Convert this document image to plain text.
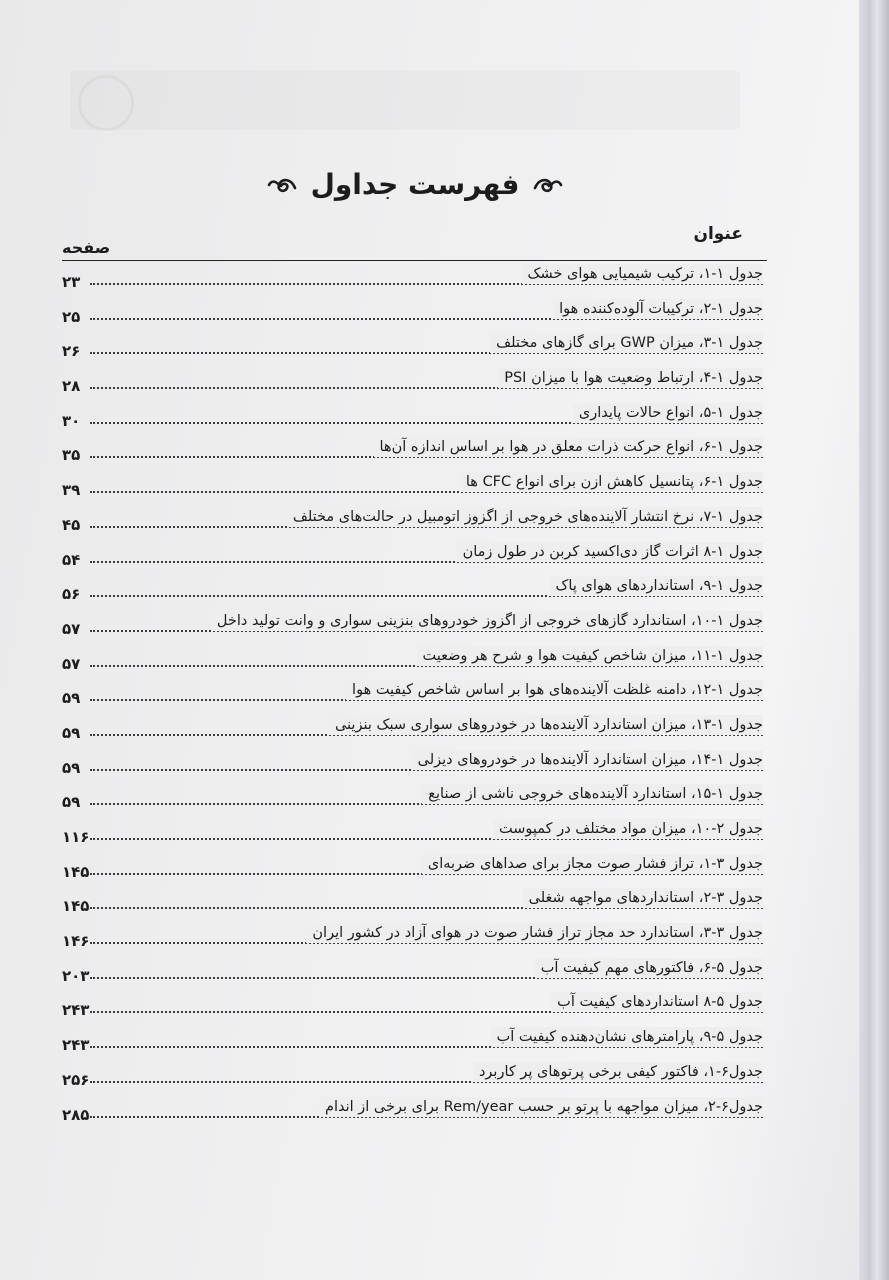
فهرست جداول
عنوان
صفحه
جدول ۱-۱، ترکیب شیمیایی هوای خشک
۲۳
جدول ۱-۲، ترکیبات آلوده‌کننده هوا
۲۵
جدول ۱-۳، میزان GWP برای گازهای مختلف
۲۶
جدول ۱-۴، ارتباط وضعیت هوا با میزان PSI
۲۸
جدول ۱-۵، انواع حالات پایداری
۳۰
جدول ۱-۶، انواع حرکت ذرات معلق در هوا بر اساس اندازه آن‌ها
۳۵
جدول ۱-۶، پتانسیل کاهش ازن برای انواع CFC ها
۳۹
جدول ۱-۷، نرخ انتشار آلاینده‌های خروجی از اگزوز اتومبیل در حالت‌های مختلف
۴۵
جدول ۱-۸ اثرات گاز دی‌اکسید کربن در طول زمان
۵۴
جدول ۱-۹، استانداردهای هوای پاک
۵۶
جدول ۱-۱۰، استاندارد گازهای خروجی از اگزوز خودروهای بنزینی سواری و وانت تولید داخل
۵۷
جدول ۱-۱۱، میزان شاخص کیفیت هوا و شرح هر وضعیت
۵۷
جدول ۱-۱۲، دامنه غلظت آلاینده‌های هوا بر اساس شاخص کیفیت هوا
۵۹
جدول ۱-۱۳، میزان استاندارد آلاینده‌ها در خودروهای سواری سبک بنزینی
۵۹
جدول ۱-۱۴، میزان استاندارد آلاینده‌ها در خودروهای دیزلی
۵۹
جدول ۱-۱۵، استاندارد آلاینده‌های خروجی ناشی از صنایع
۵۹
جدول ۲-۱۰، میزان مواد مختلف در کمپوست
۱۱۶
جدول ۳-۱، تراز فشار صوت مجاز برای صداهای ضربه‌ای
۱۴۵
جدول ۳-۲، استانداردهای مواجهه شغلی
۱۴۵
جدول ۳-۳، استاندارد حد مجاز تراز فشار صوت در هوای آزاد در کشور ایران
۱۴۶
جدول ۵-۶، فاکتورهای مهم کیفیت آب
۲۰۳
جدول ۵-۸ استانداردهای کیفیت آب
۲۴۳
جدول ۵-۹، پارامترهای نشان‌دهنده کیفیت آب
۲۴۳
جدول۶-۱، فاکتور کیفی برخی پرتوهای پر کاربرد
۲۵۶
جدول۶-۲، میزان مواجهه با پرتو بر حسب Rem/year برای برخی از اندام
۲۸۵
